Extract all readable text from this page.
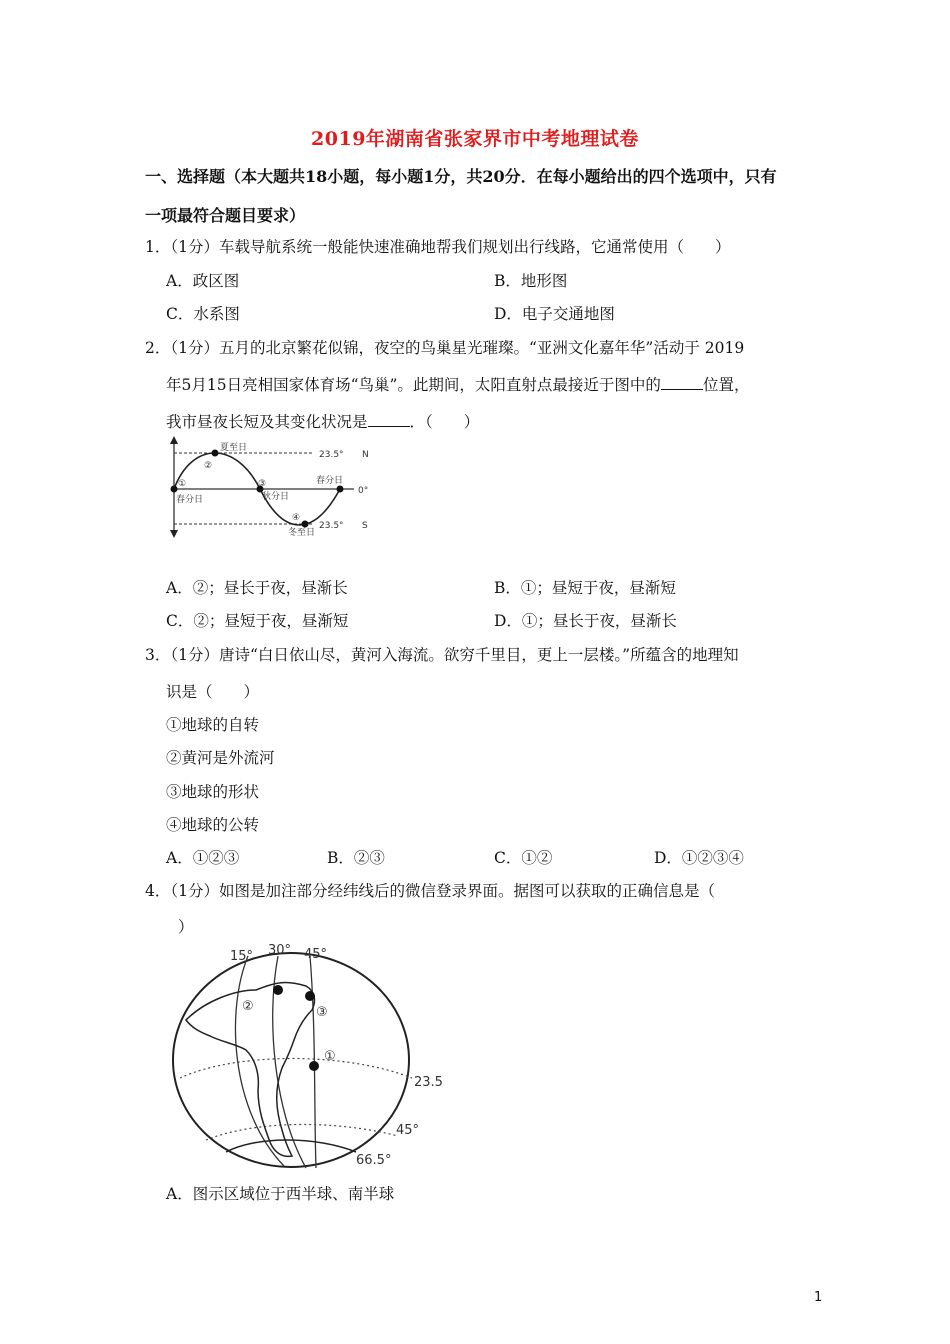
2019年湖南省张家界市中考地理试卷
一、选择题（本大题共18小题，每小题1分，共20分．在每小题给出的四个选项中，只有
一项最符合题目要求）
1．（1分）车载导航系统一般能快速准确地帮我们规划出行线路，它通常使用（　　）
A．政区图	B．地形图
C．水系图	D．电子交通地图
2．（1分）五月的北京繁花似锦，夜空的鸟巢星光璀璨。“亚洲文化嘉年华”活动于 2019
年5月15日亮相国家体育场“鸟巢”。此期间，太阳直射点最接近于图中的	位置，
我市昼夜长短及其变化状况是	．（　　）
夏至日
②
①
春分日
③
秋分日
春分日
④
冬至日
23.5° N
0°
23.5° S
A．②；昼长于夜，昼渐长	B．①；昼短于夜，昼渐短
C．②；昼短于夜，昼渐短	D．①；昼长于夜，昼渐长
3．（1分）唐诗“白日依山尽，黄河入海流。欲穷千里目，更上一层楼。”所蕴含的地理知
识是（　　）
①地球的自转
②黄河是外流河
③地球的形状
④地球的公转
A．①②③	B．②③	C．①②	D．①②③④
4．（1分）如图是加注部分经纬线后的微信登录界面。据图可以获取的正确信息是（
）
15° 30° 45°
②	③
①
23.5
45°
66.5°
A．图示区域位于西半球、南半球
1
